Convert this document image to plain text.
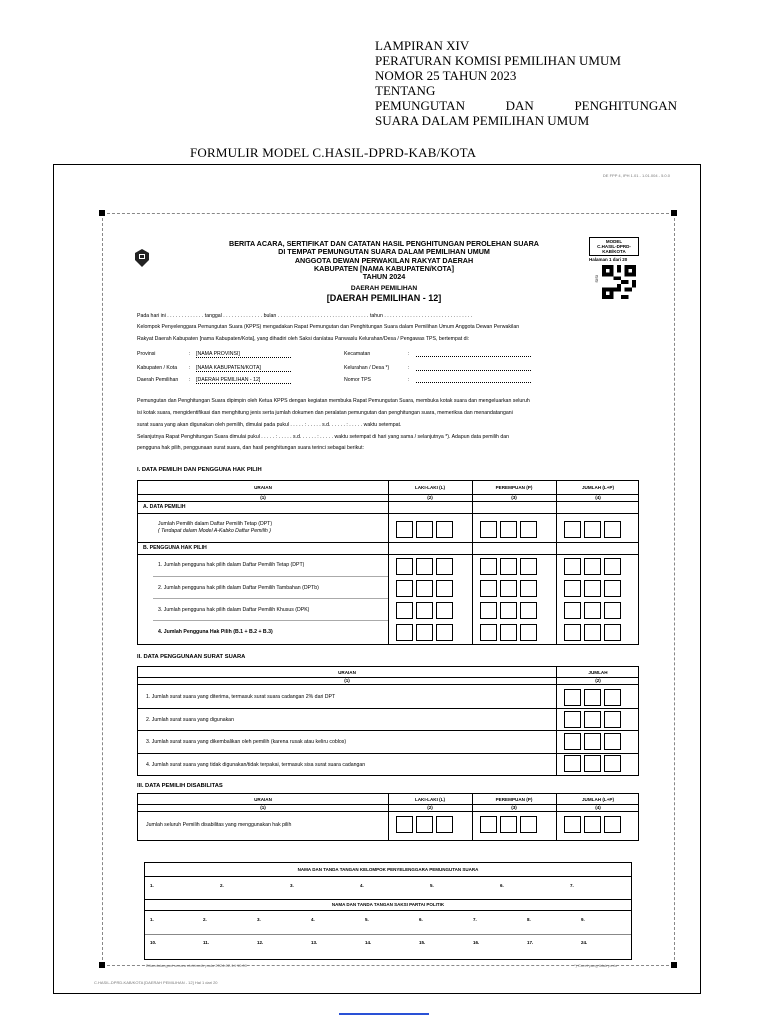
LAMPIRAN XIV
PERATURAN KOMISI PEMILIHAN UMUM
NOMOR 25 TAHUN 2023
TENTANG
PEMUNGUTAN	DAN	PENGHITUNGAN
SUARA DALAM PEMILIHAN UMUM
FORMULIR MODEL C.HASIL-DPRD-KAB/KOTA
DE FPP 4, IPH 1.01 - 1.01.004 - 5.0.0
BERITA ACARA, SERTIFIKAT DAN CATATAN HASIL PENGHITUNGAN PEROLEHAN SUARA
DI TEMPAT PEMUNGUTAN SUARA DALAM PEMILIHAN UMUM
ANGGOTA DEWAN PERWAKILAN RAKYAT DAERAH
KABUPATEN [NAMA KABUPATEN/KOTA]
TAHUN 2024
DAERAH PEMILIHAN
[DAERAH PEMILIHAN - 12]
MODEL
C.HASIL-DPRD-
KAB/KOTA
Halaman 1 dari 20
SISI
Pada hari ini . . . . . . . . . . . . . tanggal . . . . . . . . . . . . . . bulan . . . . . . . . . . . . . . . . . . . . . . . . . . . . . . . . tahun . . . . . . . . . . . . . . . . . . . . . . . . . . . . . . .
Kelompok Penyelenggara Pemungutan Suara (KPPS) mengadakan Rapat Pemungutan dan Penghitungan Suara dalam Pemilihan Umum Anggota Dewan Perwakilan
Rakyat Daerah Kabupaten [nama Kabupaten/Kota], yang dihadiri oleh Saksi dan/atau Panwaslu Kelurahan/Desa / Pengawas TPS, bertempat di:
Provinsi	: [NAMA PROVINSI]
Kabupaten / Kota : [NAMA KABUPATEN/KOTA]
Daerah Pemilihan : [DAERAH PEMILIHAN - 12]
Kecamatan	:
Kelurahan / Desa *)	:
Nomor TPS	:
Pemungutan dan Penghitungan Suara dipimpin oleh Ketua KPPS dengan kegiatan membuka Rapat Pemungutan Suara, membuka kotak suara dan mengeluarkan seluruh
isi kotak suara, mengidentifikasi dan menghitung jenis serta jumlah dokumen dan peralatan pemungutan dan penghitungan suara, memeriksa dan menandatangani
surat suara yang akan digunakan oleh pemilih, dimulai pada pukul . . . . . : . . . . . s.d. . . . . . : . . . . . waktu setempat.
Selanjutnya Rapat Penghitungan Suara dimulai pukul . . . . . : . . . . . s.d. . . . . . : . . . . . waktu setempat di hari yang sama / selanjutnya *). Adapun data pemilih dan
pengguna hak pilih, penggunaan surat suara, dan hasil penghitungan suara terinci sebagai berikut:
I. DATA PEMILIH DAN PENGGUNA HAK PILIH
URAIAN	LAKI-LAKI (L)	PEREMPUAN (P)	JUMLAH (L+P)
(1)	(2)	(3)	(4)
A. DATA PEMILIH
Jumlah Pemilih dalam Daftar Pemilih Tetap (DPT)
( Terdapat dalam Model A-Kabko Daftar Pemilih )
B. PENGGUNA HAK PILIH
1. Jumlah pengguna hak pilih dalam Daftar Pemilih Tetap (DPT)
2. Jumlah pengguna hak pilih dalam Daftar Pemilih Tambahan (DPTb)
3. Jumlah pengguna hak pilih dalam Daftar Pemilih Khusus (DPK)
4. Jumlah Pengguna Hak Pilih (B.1 + B.2 + B.3)
II. DATA PENGGUNAAN SURAT SUARA
URAIAN	JUMLAH
(1)	(2)
1. Jumlah surat suara yang diterima, termasuk surat suara cadangan 2% dari DPT
2. Jumlah surat suara yang digunakan
3. Jumlah surat suara yang dikembalikan oleh pemilih (karena rusak atau keliru coblos)
4. Jumlah surat suara yang tidak digunakan/tidak terpakai, termasuk sisa surat suara cadangan
III. DATA PEMILIH DISABILITAS
URAIAN	LAKI-LAKI (L)	PEREMPUAN (P)	JUMLAH (L+P)
(1)	(2)	(3)	(4)
Jumlah seluruh Pemilih disabilitas yang menggunakan hak pilih
NAMA DAN TANDA TANGAN KELOMPOK PENYELENGGARA PEMUNGUTAN SUARA
NAMA DAN TANDA TANGAN SAKSI PARTAI POLITIK
1.	2.	3.	4.	5.	6.	7.
1.	2.	3.	4.	5.	6.	7.	8.	9.
10.	11.	12.	13.	14.	15.	16.	17.	24.
Ditandatangani secara elektronik pada 2024-02-14 10:00	*) Coret yang tidak perlu
C.HASIL-DPRD-KAB/KOTA [DAERAH PEMILIHAN - 12] Hal 1 dari 20
